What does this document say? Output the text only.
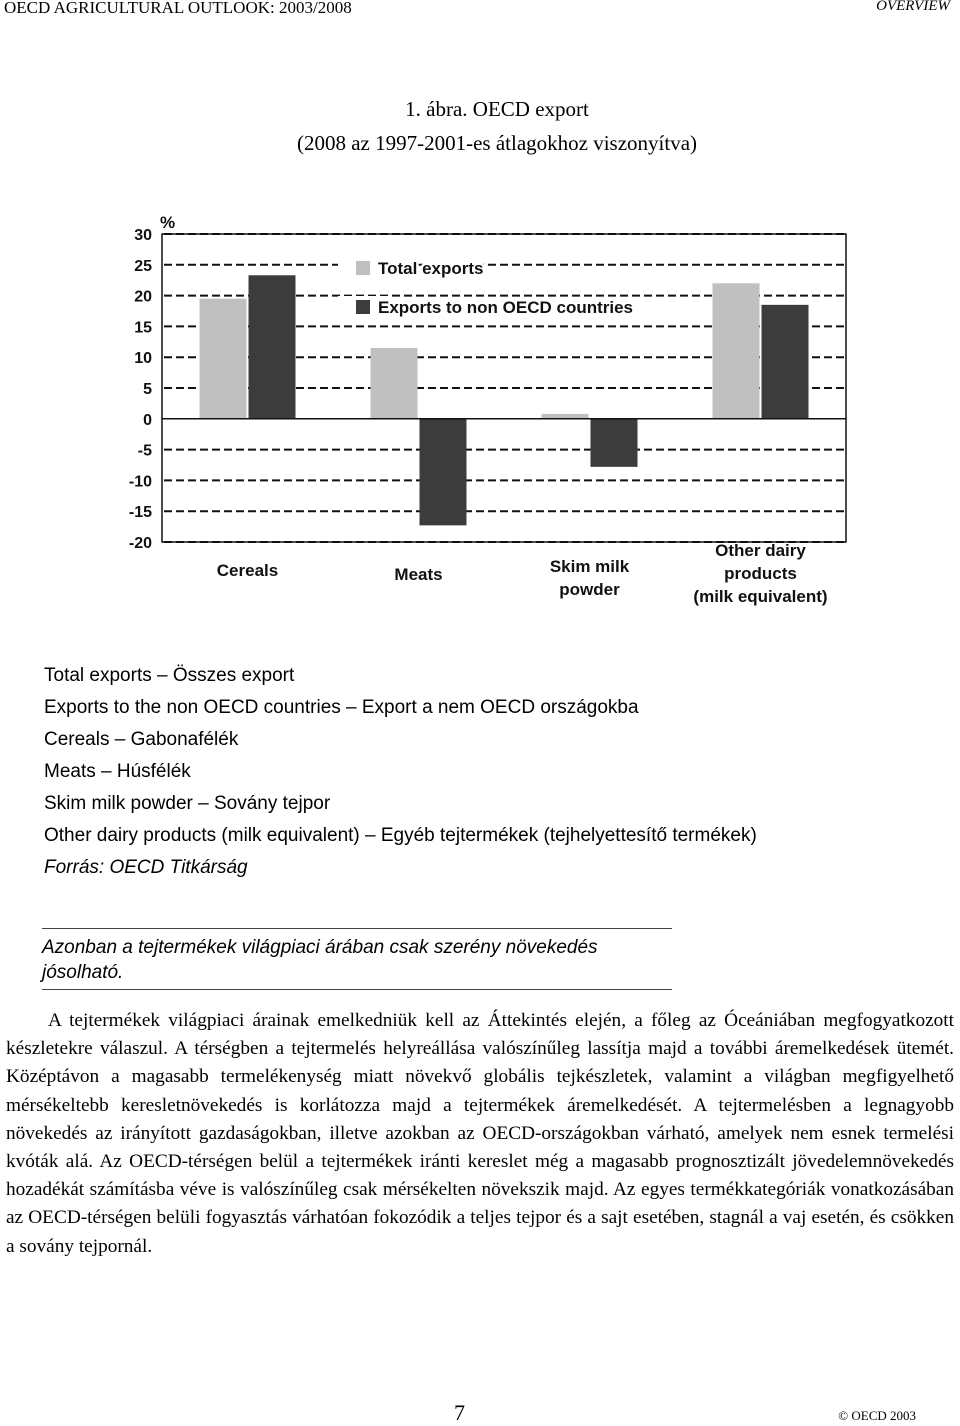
OECD AGRICULTURAL OUTLOOK: 2003/2008	OVERVIEW
1. ábra. OECD export
(2008 az 1997-2001-es átlagokhoz viszonyítva)
30
25
20
15
10
5
0
-5
-10
-15
-20
%
Total exports
Exports to non OECD countries
Cereals	Meats	Skim milk
powder
Other dairy
products
(milk equivalent)
Total exports – Összes export
Exports to the non OECD countries – Export a nem OECD országokba
Cereals – Gabonafélék
Meats – Húsfélék
Skim milk powder – Sovány tejpor
Other dairy products (milk equivalent) – Egyéb tejtermékek (tejhelyettesítő termékek)
Forrás: OECD Titkárság
Azonban a tejtermékek világpiaci árában csak szerény növekedés jósolható.

A tejtermékek világpiaci árainak emelkedniük kell az Áttekintés elején, a főleg az Óceániában megfogyatkozott készletekre válaszul. A térségben a tejtermelés helyreállása valószínűleg lassítja majd a további áremelkedések ütemét. Középtávon a magasabb termelékenység miatt növekvő globális tejkészletek, valamint a világban megfigyelhető mérsékeltebb keresletnövekedés is korlátozza majd a tejtermékek áremelkedését. A tejtermelésben a legnagyobb növekedés az irányított gazdaságokban, illetve azokban az OECD-országokban várható, amelyek nem esnek termelési kvóták alá. Az OECD-térségen belül a tejtermékek iránti kereslet még a magasabb prognosztizált jövedelemnövekedés hozadékát számításba véve is valószínűleg csak mérsékelten növekszik majd. Az egyes termékkategóriák vonatkozásában az OECD-térségen belüli fogyasztás várhatóan fokozódik a teljes tejpor és a sajt esetében, stagnál a vaj esetén, és csökken a sovány tejpornál.

7	© OECD 2003
